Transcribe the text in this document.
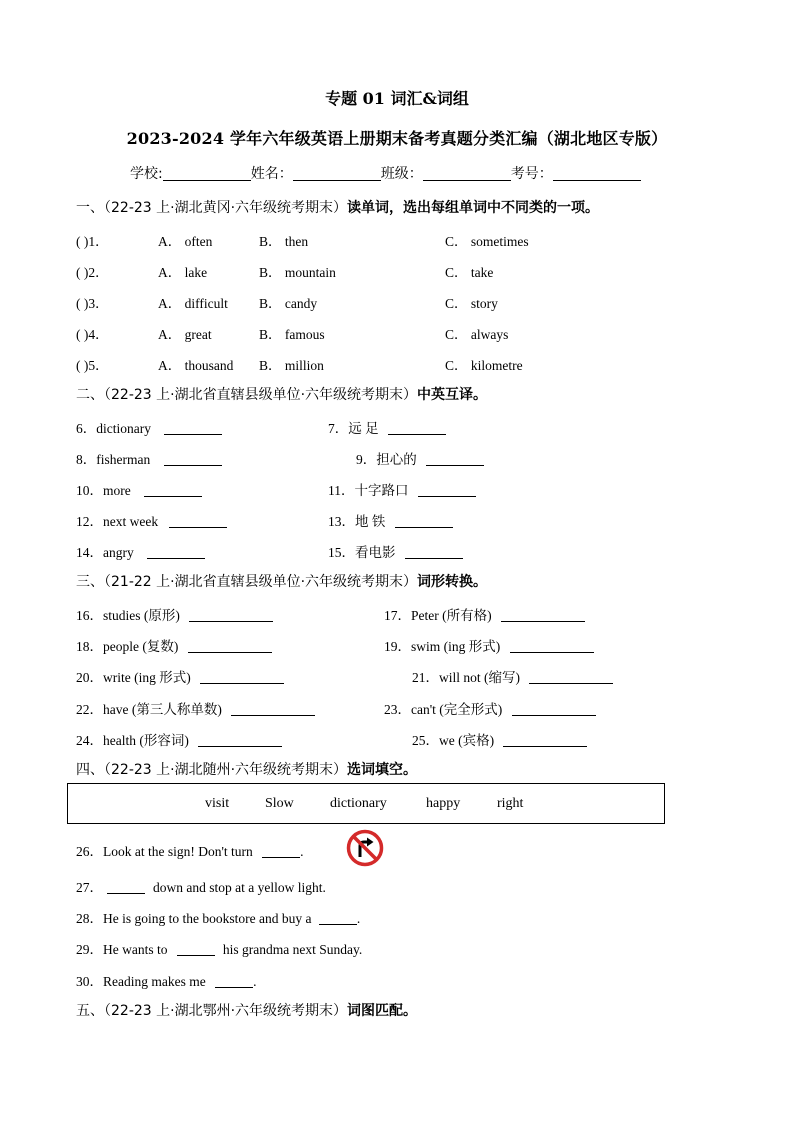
专题 01 词汇&词组
2023-2024 学年六年级英语上册期末备考真题分类汇编（湖北地区专版）
学校:	姓名：	班级：	考号：
一、（22-23 上·湖北黄冈·六年级统考期末）读单词，选出每组单词中不同类的一项。
( )1．	A． often	B． then	C． sometimes
( )2．	A． lake	B． mountain	C． take
( )3．	A． difficult B． candy	C． story
( )4．	A． great	B． famous	C． always
( )5．	A． thousand B． million	C． kilometre
二、（22-23 上·湖北省直辖县级单位·六年级统考期末）中英互译。
6．dictionary	7．远 足
8．fisherman	9．担心的
10．more	11．十字路口
12．next week	13．地 铁
14．angry	15．看电影
三、（21-22 上·湖北省直辖县级单位·六年级统考期末）词形转换。
16．studies (原形)	17．Peter (所有格)
18．people (复数)	19．swim (ing 形式)
20．write (ing 形式)	21．will not (缩写)
22．have (第三人称单数)	23．can't (完全形式)
24．health (形容词)	25．we (宾格)
四、（22-23 上·湖北随州·六年级统考期末）选词填空。
visit	Slow	dictionary	happy	right
26．Look at the sign! Don't turn	.
27．	down and stop at a yellow light.
28．He is going to the bookstore and buy a	.
29．He wants to	his grandma next Sunday.
30．Reading makes me	.
五、（22-23 上·湖北鄂州·六年级统考期末）词图匹配。
